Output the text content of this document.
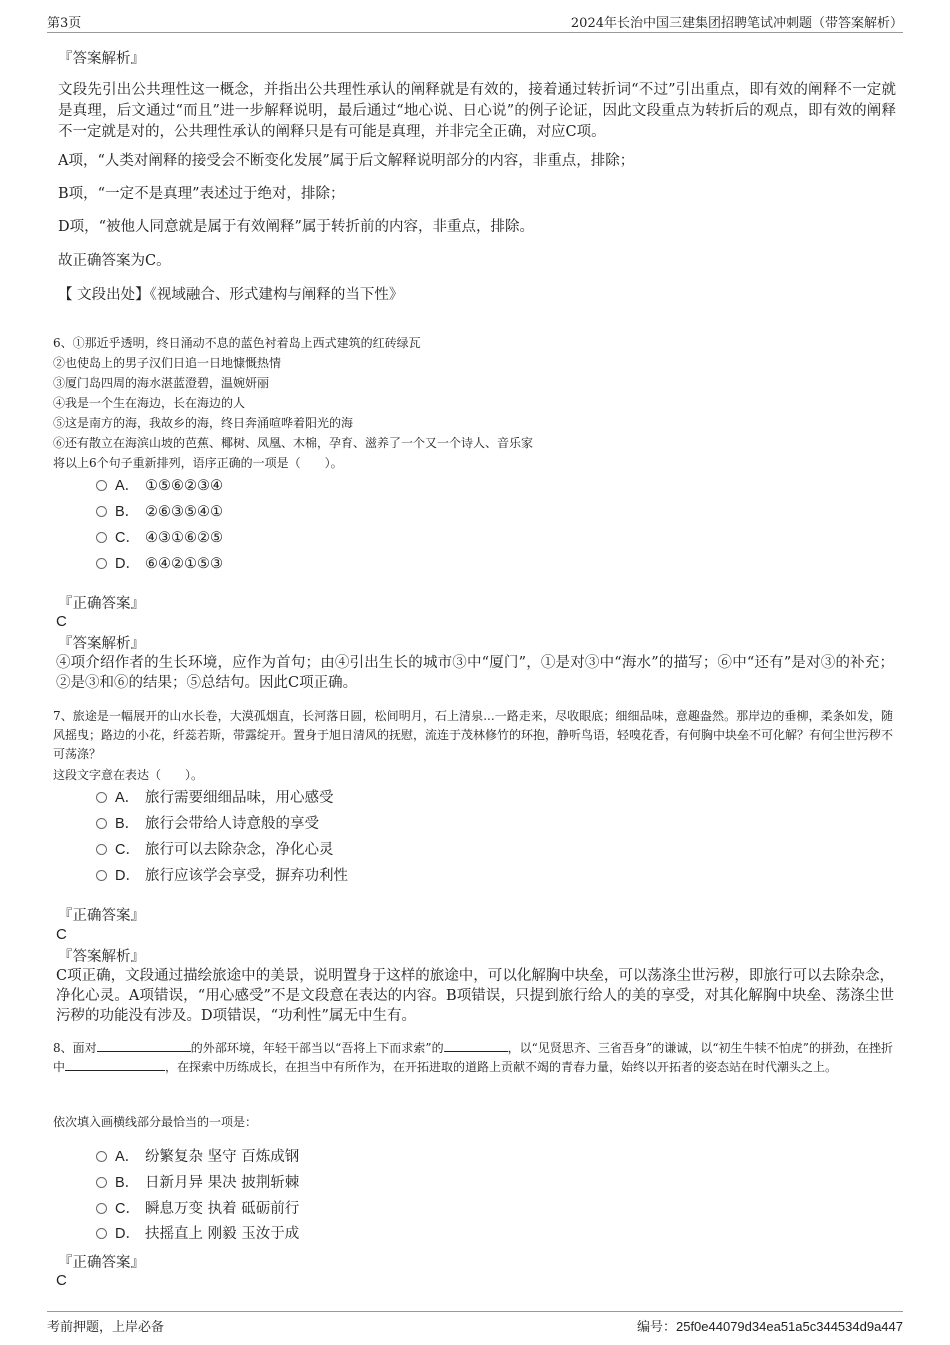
第3页	2024年长治中国三建集团招聘笔试冲刺题（带答案解析）
『答案解析』
文段先引出公共理性这一概念，并指出公共理性承认的阐释就是有效的，接着通过转折词“不过”引出重点，即有效的阐释不一定就是真理，后文通过“而且”进一步解释说明，最后通过“地心说、日心说”的例子论证，因此文段重点为转折后的观点，即有效的阐释不一定就是对的，公共理性承认的阐释只是有可能是真理，并非完全正确，对应C项。
A项，“人类对阐释的接受会不断变化发展”属于后文解释说明部分的内容，非重点，排除；
B项，“一定不是真理”表述过于绝对，排除；
D项，“被他人同意就是属于有效阐释”属于转折前的内容，非重点，排除。
故正确答案为C。
【 文段出处】《视域融合、形式建构与阐释的当下性》
6、①那近乎透明，终日涌动不息的蓝色衬着岛上西式建筑的红砖绿瓦
②也使岛上的男子汉们日追一日地慷慨热情
③厦门岛四周的海水湛蓝澄碧，温婉妍丽
④我是一个生在海边，长在海边的人
⑤这是南方的海，我故乡的海，终日奔涌喧哗着阳光的海
⑥还有散立在海滨山坡的芭蕉、椰树、凤凰、木棉，孕育、滋养了一个又一个诗人、音乐家
将以上6个句子重新排列，语序正确的一项是（　　）。
A． ①⑤⑥②③④
B． ②⑥③⑤④①
C． ④③①⑥②⑤
D． ⑥④②①⑤③
『正确答案』
C
『答案解析』
④项介绍作者的生长环境，应作为首句；由④引出生长的城市③中“厦门”，①是对③中“海水”的描写；⑥中“还有”是对③的补充；②是③和⑥的结果；⑤总结句。因此C项正确。
7、旅途是一幅展开的山水长卷，大漠孤烟直，长河落日圆，松间明月，石上清泉...一路走来，尽收眼底；细细品味，意趣盎然。那岸边的垂柳，柔条如发，随风摇曳；路边的小花，纤蕊若斯，带露绽开。置身于旭日清风的抚慰，流连于茂林修竹的环抱，静听鸟语，轻嗅花香，有何胸中块垒不可化解？有何尘世污秽不可荡涤？
这段文字意在表达（　　）。
A． 旅行需要细细品味，用心感受
B． 旅行会带给人诗意般的享受
C． 旅行可以去除杂念，净化心灵
D． 旅行应该学会享受，摒弃功利性
『正确答案』
C
『答案解析』
C项正确，文段通过描绘旅途中的美景，说明置身于这样的旅途中，可以化解胸中块垒，可以荡涤尘世污秽，即旅行可以去除杂念，净化心灵。A项错误，“用心感受”不是文段意在表达的内容。B项错误，只提到旅行给人的美的享受，对其化解胸中块垒、荡涤尘世污秽的功能没有涉及。D项错误，“功利性”属无中生有。
8、面对	的外部环境，年轻干部当以“吾将上下而求索”的	，以“见贤思齐、三省吾身”的谦诚，以“初生牛犊不怕虎”的拼劲，在挫折中	，在探索中历练成长，在担当中有所作为，在开拓进取的道路上贡献不竭的青春力量，始终以开拓者的姿态站在时代潮头之上。
依次填入画横线部分最恰当的一项是：
A． 纷繁复杂 坚守 百炼成钢
B． 日新月异 果决 披荆斩棘
C． 瞬息万变 执着 砥砺前行
D． 扶摇直上 刚毅 玉汝于成
『正确答案』
C
考前押题，上岸必备	编号：25f0e44079d34ea51a5c344534d9a447
